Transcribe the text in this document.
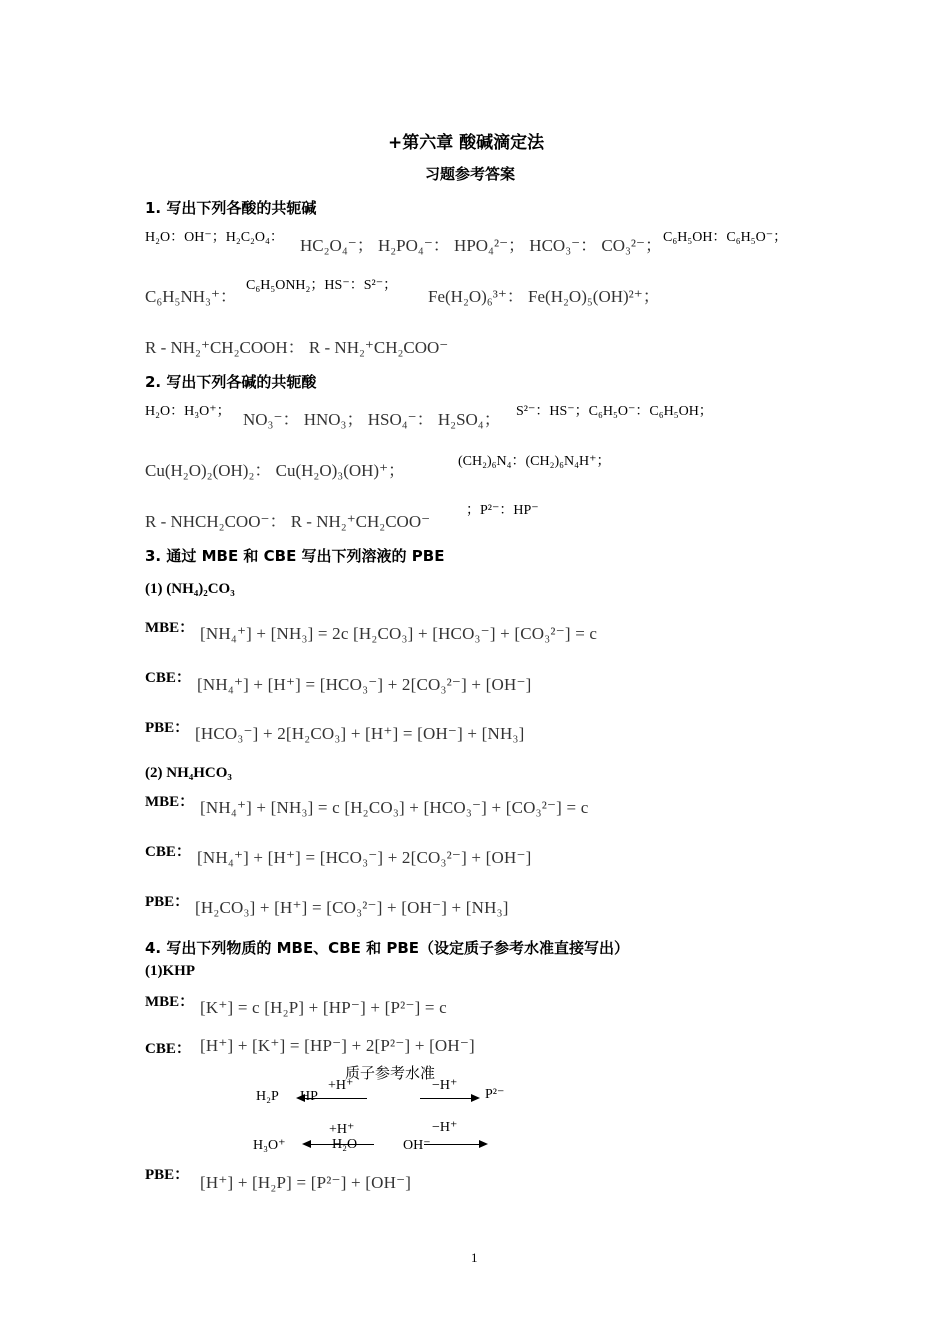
+第六章 酸碱滴定法
习题参考答案
1. 写出下列各酸的共轭碱
H₂O：OH⁻；H₂C₂O₄： HC₂O₄⁻； H₂PO₄⁻： HPO₄²⁻； HCO₃⁻： CO₃²⁻； C₆H₅OH：C₆H₅O⁻；
C₆H₅NH₃⁺：
C₆H₅ONH₂；HS⁻：S²⁻；
Fe(H₂O)₆³⁺： Fe(H₂O)₅(OH)²⁺；
R - NH₂⁺CH₂COOH： R - NH₂⁺CH₂COO⁻
2. 写出下列各碱的共轭酸
H₂O：H₃O⁺； NO₃⁻： HNO₃； HSO₄⁻： H₂SO₄； S²⁻：HS⁻；C₆H₅O⁻：C₆H₅OH；
Cu(H₂O)₂(OH)₂： Cu(H₂O)₃(OH)⁺；	(CH₂)₆N₄：(CH₂)₆N₄H⁺；
R - NHCH₂COO⁻： R - NH₂⁺CH₂COO⁻
；P²⁻：HP⁻
3. 通过 MBE 和 CBE 写出下列溶液的 PBE
(1) (NH₄)₂CO₃
MBE： [NH₄⁺] + [NH₃] = 2c [H₂CO₃] + [HCO₃⁻] + [CO₃²⁻] = c
CBE： [NH₄⁺] + [H⁺] = [HCO₃⁻] + 2[CO₃²⁻] + [OH⁻]
PBE： [HCO₃⁻] + 2[H₂CO₃] + [H⁺] = [OH⁻] + [NH₃]
(2) NH₄HCO₃
MBE： [NH₄⁺] + [NH₃] = c [H₂CO₃] + [HCO₃⁻] + [CO₃²⁻] = c
CBE： [NH₄⁺] + [H⁺] = [HCO₃⁻] + 2[CO₃²⁻] + [OH⁻]
PBE： [H₂CO₃] + [H⁺] = [CO₃²⁻] + [OH⁻] + [NH₃]
4. 写出下列物质的 MBE、CBE 和 PBE（设定质子参考水准直接写出）
(1)KHP
MBE： [K⁺] = c [H₂P] + [HP⁻] + [P²⁻] = c
CBE： [H⁺] + [K⁺] = [HP⁻] + 2[P²⁻] + [OH⁻]
质子参考水准
H₂P HP
+H⁺	−H⁺
P²⁻
+H⁺	−H⁺
H₃O⁺	H₂O	OH⁻
PBE： [H⁺] + [H₂P] = [P²⁻] + [OH⁻]
1
